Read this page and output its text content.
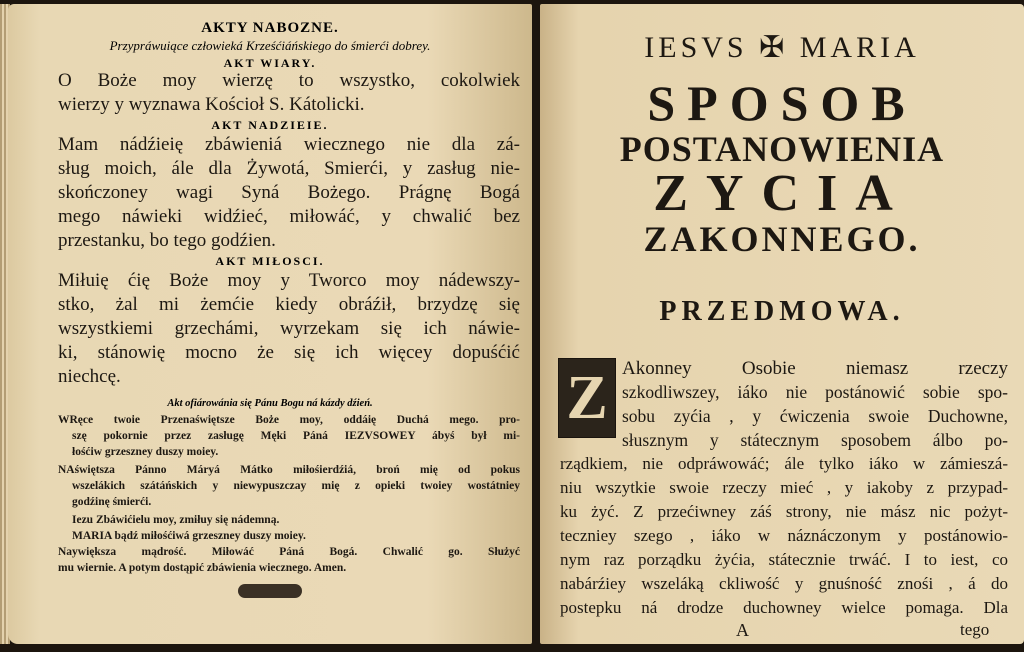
AKTY NABOZNE.
Przypráwuiące człowieká Krześćiáńskiego do śmierći dobrey.
AKT WIARY.
O Boże moy wierzę to wszystko, cokolwiek
wierzy y wyznawa Kościoł S. Kátolicki.
AKT NADZIEIE.
Mam nádźieię zbáwieniá wiecznego nie dla zá-
sług moich, ále dla Żywotá, Smierći, y zasług nie-
skończoney wagi Syná Bożego. Prágnę Bogá
mego náwieki widźieć, miłowáć, y chwalić bez
przestanku, bo tego godźien.
AKT MIŁOSCI.
Miłuię ćię Boże moy y Tworco moy nádewszy-
stko, żal mi żemćie kiedy obráźił, brzydzę się
wszystkiemi grzechámi, wyrzekam się ich náwie-
ki, stánowię mocno że się ich więcey dopuśćić
niechcę.
Akt ofiárowánia się Pánu Bogu ná kázdy dźień.
WRęce twoie Przenaświętsze Boże moy, oddáię Duchá mego. pro-
szę pokornie przez zasługę Męki Páná IEZVSOWEY ábyś był mi-
łośćiw grzeszney duszy moiey.
NAświętsza Pánno Máryá Mátko miłośierdźiá, broń mię od pokus
wszelákich szátáńskich y niewypuszczay mię z opieki twoiey wostátniey
godźinę śmierći.
Iezu Zbáwićielu moy, zmiłuy się nádemną.
MARIA bądź miłośćiwá grzeszney duszy moiey.
Naywiększa mądrość. Miłowáć Páná Bogá. Chwalić go. Służyć
mu wiernie. A potym dostąpić zbáwienia wiecznego. Amen.
IESVS ✠ MARIA
SPOSOB
POSTANOWIENIA
ZYCIA
ZAKONNEGO.
PRZEDMOWA.
Z Akonney Osobie niemasz rzeczy
szkodliwszey, iáko nie postánowić sobie spo-
sobu zyćia , y ćwiczenia swoie Duchowne,
słusznym y státecznym sposobem álbo po-
rządkiem, nie odpráwowáć; ále tylko iáko w zámieszá-
niu wszytkie swoie rzeczy mieć , y iakoby z przypad-
ku żyć. Z przećiwney záś strony, nie mász nic pożyt-
teczniey szego , iáko w náznáczonym y postánowio-
nym raz porządku żyćia, státecznie trwáć. I to iest, co
nabárźiey wszeláką ckliwość y gnuśność znośi , á do
postepku ná drodze duchowney wielce pomaga. Dla
A	tego
